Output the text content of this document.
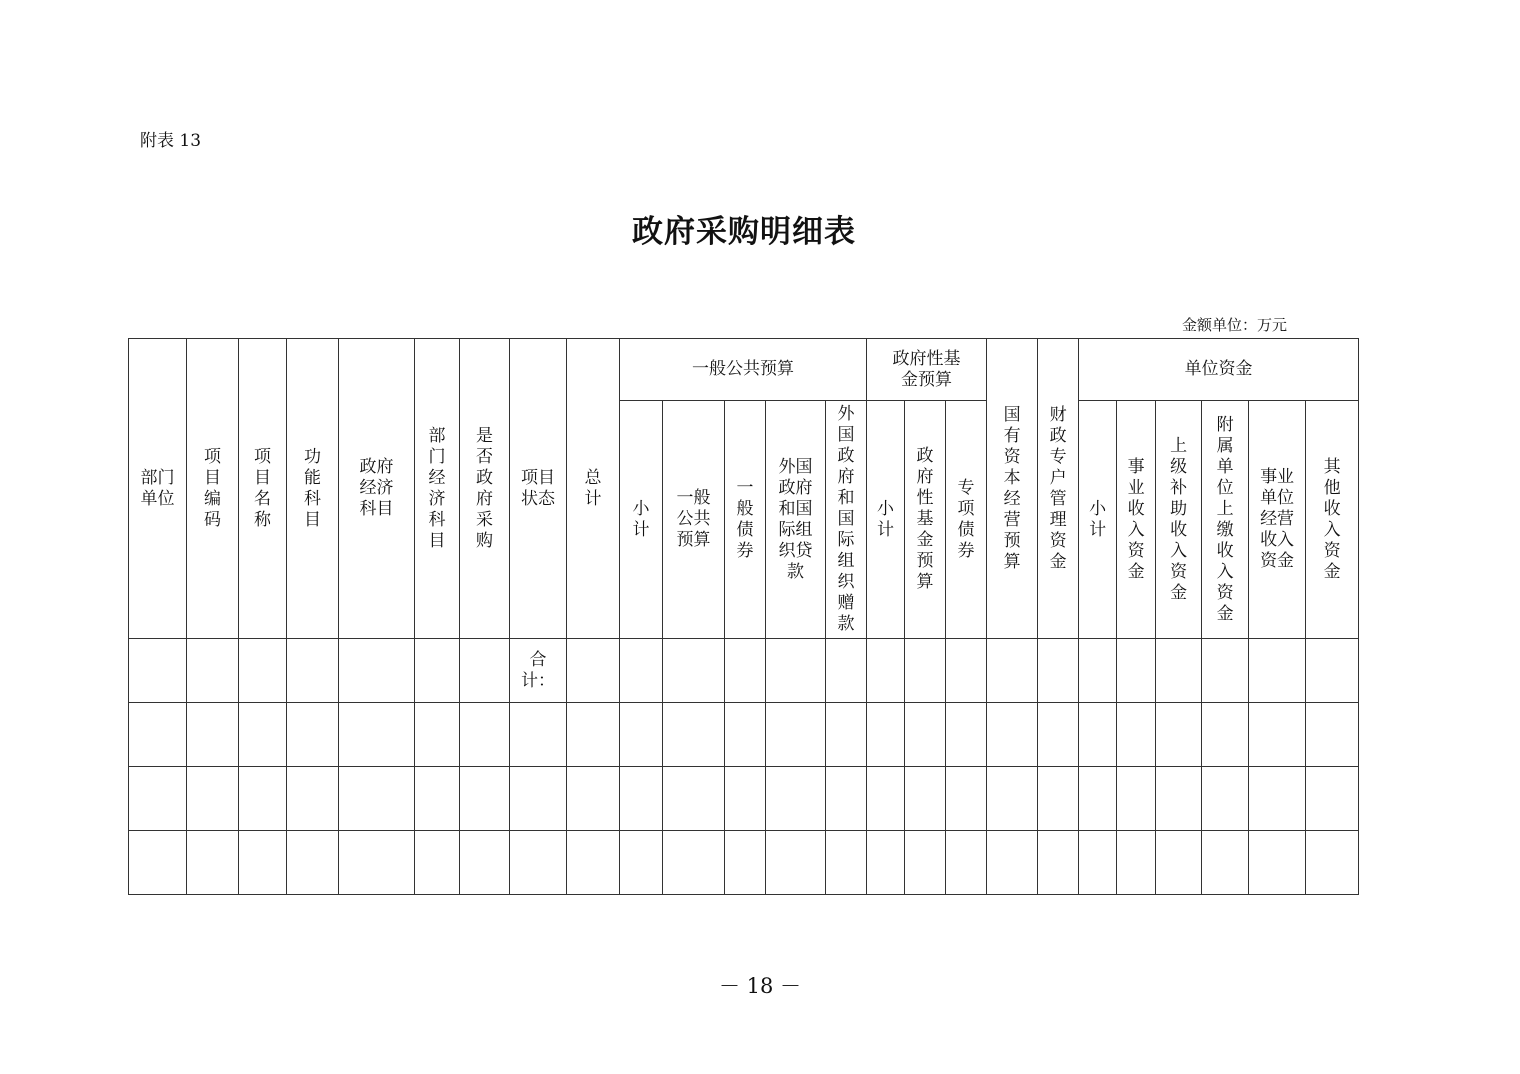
附表 13
政府采购明细表
金额单位：万元
部门单位	项目编码	项目名称	功能科目	政府经济科目	部门经济科目	是否政府采购	项目状态	总计	一般公共预算					政府性基金预算			国有资本经营预算	财政专户管理资金	单位资金					
									小计	一般公共预算	一般债券	外国政府和国际组织贷款	外国政府和国际组织赠款	小计	政府性基金预算	专项债券			小计	事业收入资金	上级补助收入资金	附属单位上缴收入资金	事业单位经营收入资金	其他收入资金
							合计：																	

－ 18 －
